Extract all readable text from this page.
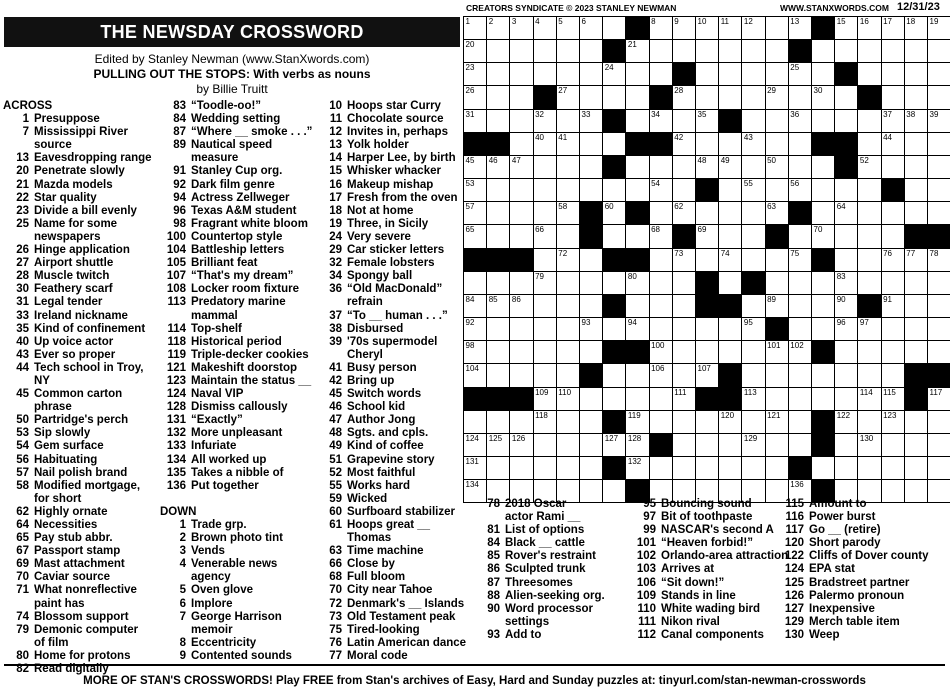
THE NEWSDAY CROSSWORD
Edited by Stanley Newman (www.StanXwords.com)
PULLING OUT THE STOPS: With verbs as nouns
by Billie Truitt
CREATORS SYNDICATE © 2023 STANLEY NEWMAN	WWW.STANXWORDS.COM 12/31/23
1 2 3 4 5 6	8 9 10 11 12	13	15 16 17 18 19
20	21
23	24	25
26	27	28	29	30
31	32	33	34	35	36	37 38 39
40 41	42	43	44
45 46 47	48 49	50	52
53	54	55	56
57	58	60	62	63	64
65	66	68	69	70
72	73	74	75	76 77 78
79	80	83
84 85 86	89	90	91
92	93	94	95	96 97
98	100	101 102
104	106	107
109 110	111	113	114 115	117
118	119	120	121	122	123
124 125 126	127 128	129	130
131	132
134	136
ACROSS
1 Presuppose
7 Mississippi River
source
13 Eavesdropping range
20 Penetrate slowly
21 Mazda models
22 Star quality
23 Divide a bill evenly
25 Name for some
newspapers
26 Hinge application
27 Airport shuttle
28 Muscle twitch
30 Feathery scarf
31 Legal tender
33 Ireland nickname
35 Kind of confinement
40 Up voice actor
43 Ever so proper
44 Tech school in Troy, NY
45 Common carton phrase
50 Partridge's perch
53 Sip slowly
54 Gem surface
56 Habituating
57 Nail polish brand
58 Modified mortgage,
for short
62 Highly ornate
64 Necessities
65 Pay stub abbr.
67 Passport stamp
69 Mast attachment
70 Caviar source
71 What nonreflective
paint has
74 Blossom support
79 Demonic computer
of film
80 Home for protons
82 Read digitally
83 “Toodle-oo!”
84 Wedding setting
87 “Where __ smoke . . .”
89 Nautical speed
measure
91 Stanley Cup org.
92 Dark film genre
94 Actress Zellweger
96 Texas A&M student
98 Fragrant white bloom
100 Countertop style
104 Battleship letters
105 Brilliant feat
107 “That's my dream”
108 Locker room fixture
113 Predatory marine
mammal
114 Top-shelf
118 Historical period
119 Triple-decker cookies
121 Makeshift doorstop
123 Maintain the status __
124 Naval VIP
128 Dismiss callously
131 “Exactly”
132 More unpleasant
133 Infuriate
134 All worked up
135 Takes a nibble of
136 Put together

DOWN
1 Trade grp.
2 Brown photo tint
3 Vends
4 Venerable news agency
5 Oven glove
6 Implore
7 George Harrison
memoir
8 Eccentricity
9 Contented sounds
10 Hoops star Curry
11 Chocolate source
12 Invites in, perhaps
13 Yolk holder
14 Harper Lee, by birth
15 Whisker whacker
16 Makeup mishap
17 Fresh from the oven
18 Not at home
19 Three, in Sicily
24 Very severe
29 Car sticker letters
32 Female lobsters
34 Spongy ball
36 “Old MacDonald”
refrain
37 “To __ human . . .”
38 Disbursed
39 '70s supermodel
Cheryl
41 Busy person
42 Bring up
45 Switch words
46 School kid
47 Author Jong
48 Sgts. and cpls.
49 Kind of coffee
51 Grapevine story
52 Most faithful
55 Works hard
59 Wicked
60 Surfboard stabilizer
61 Hoops great __ Thomas
63 Time machine
66 Close by
68 Full bloom
70 City near Tahoe
72 Denmark's __ Islands
73 Old Testament peak
75 Tired-looking
76 Latin American dance
77 Moral code
78 2018 Oscar
actor Rami __
81 List of options
84 Black __ cattle
85 Rover's restraint
86 Sculpted trunk
87 Threesomes
88 Alien-seeking org.
90 Word processor
settings
93 Add to
95 Bouncing sound
97 Bit of toothpaste
99 NASCAR's second A
101 “Heaven forbid!”
102 Orlando-area attraction
103 Arrives at
106 “Sit down!”
109 Stands in line
110 White wading bird
111 Nikon rival
112 Canal components
115 Amount to
116 Power burst
117 Go __ (retire)
120 Short parody
122 Cliffs of Dover county
124 EPA stat
125 Bradstreet partner
126 Palermo pronoun
127 Inexpensive
129 Merch table item
130 Weep
MORE OF STAN'S CROSSWORDS! Play FREE from Stan's archives of Easy, Hard and Sunday puzzles at: tinyurl.com/stan-newman-crosswords
